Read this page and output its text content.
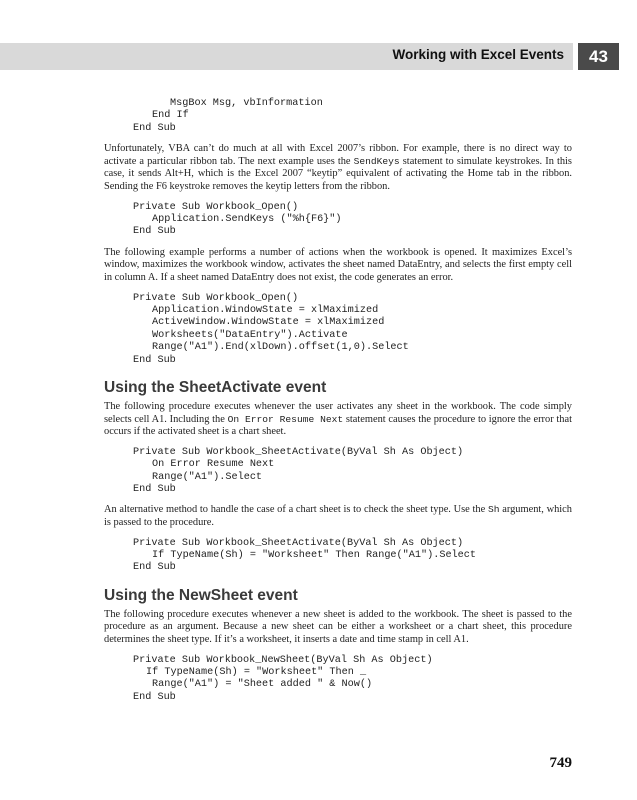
Working with Excel Events	43
MsgBox Msg, vbInformation
End If
End Sub

Unfortunately, VBA can’t do much at all with Excel 2007’s ribbon. For example, there is no direct way to activate a particular ribbon tab. The next example uses the SendKeys statement to simulate keystrokes. In this case, it sends Alt+H, which is the Excel 2007 “keytip” equivalent of activating the Home tab in the ribbon. Sending the F6 keystroke removes the keytip letters from the ribbon.

Private Sub Workbook_Open()
Application.SendKeys ("%h{F6}")
End Sub

The following example performs a number of actions when the workbook is opened. It maximizes Excel’s window, maximizes the workbook window, activates the sheet named DataEntry, and selects the first empty cell in column A. If a sheet named DataEntry does not exist, the code generates an error.

Private Sub Workbook_Open()
Application.WindowState = xlMaximized
ActiveWindow.WindowState = xlMaximized
Worksheets("DataEntry").Activate
Range("A1").End(xlDown).offset(1,0).Select
End Sub
Using the SheetActivate event

The following procedure executes whenever the user activates any sheet in the workbook. The code simply selects cell A1. Including the On Error Resume Next statement causes the procedure to ignore the error that occurs if the activated sheet is a chart sheet.

Private Sub Workbook_SheetActivate(ByVal Sh As Object)
On Error Resume Next
Range("A1").Select
End Sub

An alternative method to handle the case of a chart sheet is to check the sheet type. Use the Sh argument, which is passed to the procedure.

Private Sub Workbook_SheetActivate(ByVal Sh As Object)
If TypeName(Sh) = "Worksheet" Then Range("A1").Select
End Sub
Using the NewSheet event

The following procedure executes whenever a new sheet is added to the workbook. The sheet is passed to the procedure as an argument. Because a new sheet can be either a worksheet or a chart sheet, this procedure determines the sheet type. If it’s a worksheet, it inserts a date and time stamp in cell A1.

Private Sub Workbook_NewSheet(ByVal Sh As Object)
If TypeName(Sh) = "Worksheet" Then _
Range("A1") = "Sheet added " & Now()
End Sub
749
